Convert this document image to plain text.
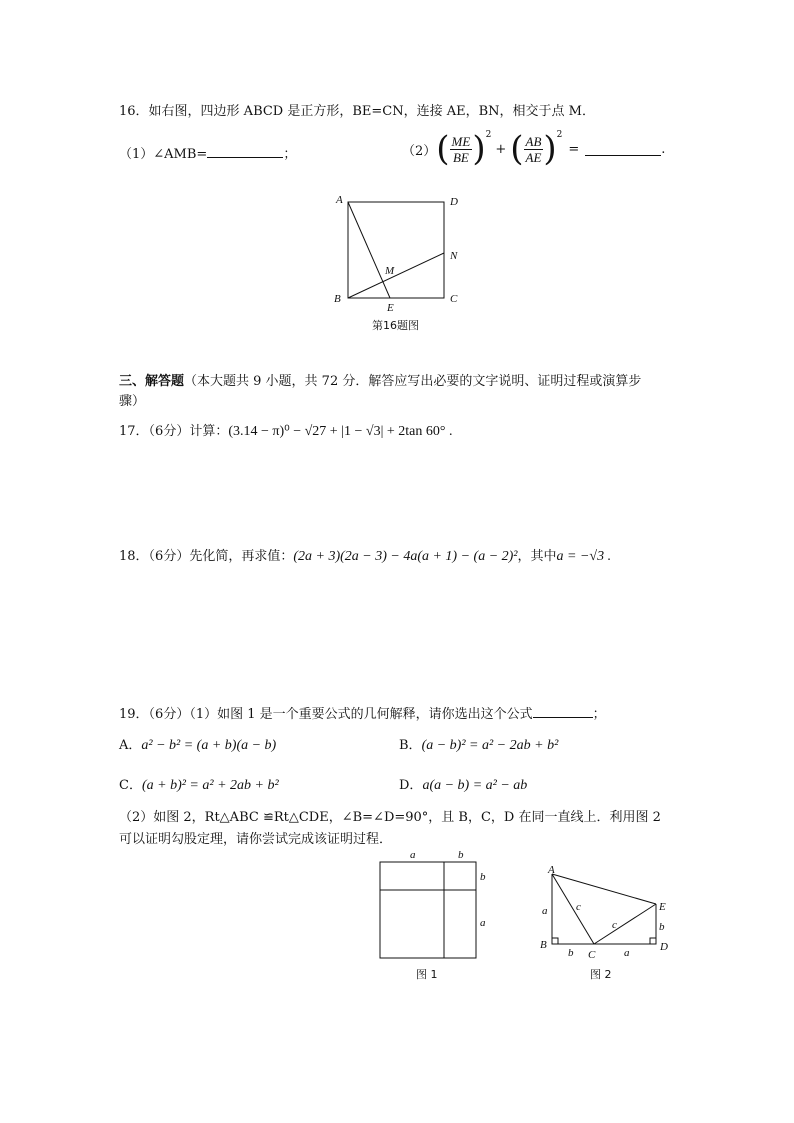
16．如右图，四边形 ABCD 是正方形，BE=CN，连接 AE，BN，相交于点 M．
（1）∠AMB=	；	（2） ( $\frac{ME}{BE} )^2$
+ ( $\frac{AB}{AE} )^2$
=	.
A	D
N
M
B	C
E
第16题图
三、解答题（本大题共 9 小题，共 72 分．解答应写出必要的文字说明、证明过程或演算步
骤）
17．（6分）计算：(3.14 − π)⁰ − √27 + |1 − √3| + 2tan 60° .
18．（6分）先化简，再求值：(2a + 3)(2a − 3) − 4a(a + 1) − (a − 2)²，其中a = −√3 .
19．（6分）（1）如图 1 是一个重要公式的几何解释，请你选出这个公式	；
A．a² − b² = (a + b)(a − b)	B．(a − b)² = a² − 2ab + b²
C．(a + b)² = a² + 2ab + b²	D．a(a − b) = a² − ab
（2）如图 2，Rt△ABC ≌Rt△CDE，∠B=∠D=90°，且 B，C，D 在同一直线上．利用图 2
可以证明勾股定理，请你尝试完成该证明过程．
a	b
b
a
图 1
A
B
C
D
E
a	c
c	b
b	a
图 2
